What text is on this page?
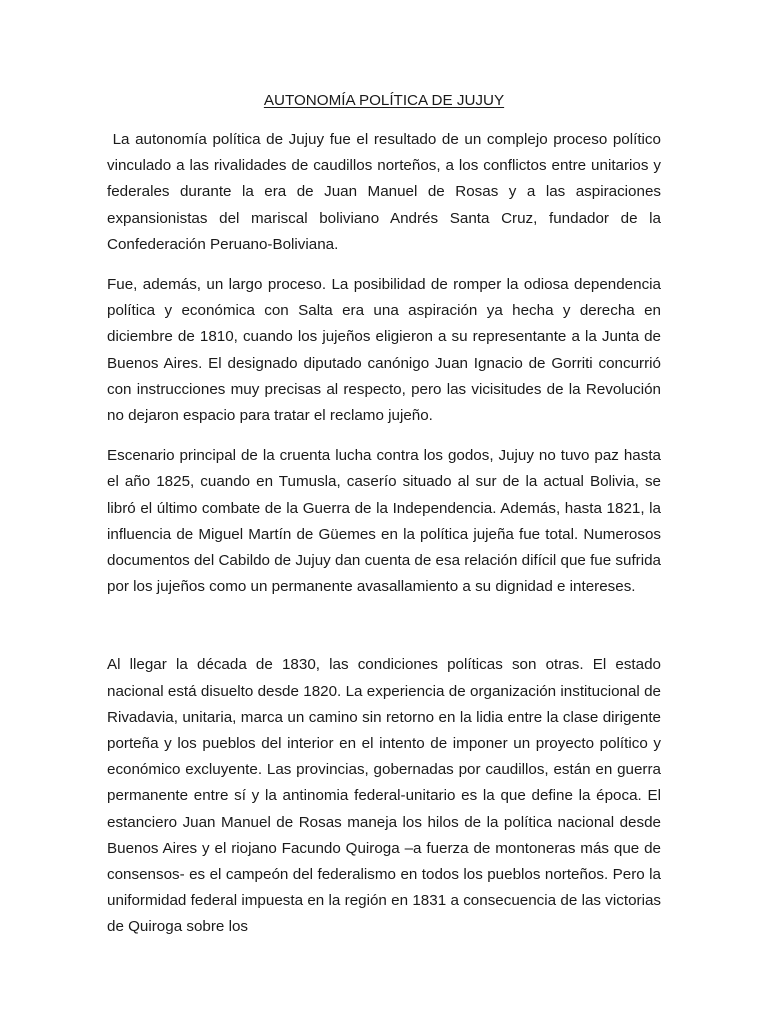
AUTONOMÍA POLÍTICA DE JUJUY

La autonomía política de Jujuy fue el resultado de un complejo proceso político vinculado a las rivalidades de caudillos norteños, a los conflictos entre unitarios y federales durante la era de Juan Manuel de Rosas y a las aspiraciones expansionistas del mariscal boliviano Andrés Santa Cruz, fundador de la Confederación Peruano-Boliviana.

Fue, además, un largo proceso. La posibilidad de romper la odiosa dependencia política y económica con Salta era una aspiración ya hecha y derecha en diciembre de 1810, cuando los jujeños eligieron a su representante a la Junta de Buenos Aires. El designado diputado canónigo Juan Ignacio de Gorriti concurrió con instrucciones muy precisas al respecto, pero las vicisitudes de la Revolución no dejaron espacio para tratar el reclamo jujeño.

Escenario principal de la cruenta lucha contra los godos, Jujuy no tuvo paz hasta el año 1825, cuando en Tumusla, caserío situado al sur de la actual Bolivia, se libró el último combate de la Guerra de la Independencia. Además, hasta 1821, la influencia de Miguel Martín de Güemes en la política jujeña fue total. Numerosos documentos del Cabildo de Jujuy dan cuenta de esa relación difícil que fue sufrida por los jujeños como un permanente avasallamiento a su dignidad e intereses.

Al llegar la década de 1830, las condiciones políticas son otras. El estado nacional está disuelto desde 1820. La experiencia de organización institucional de Rivadavia, unitaria, marca un camino sin retorno en la lidia entre la clase dirigente porteña y los pueblos del interior en el intento de imponer un proyecto político y económico excluyente. Las provincias, gobernadas por caudillos, están en guerra permanente entre sí y la antinomia federal-unitario es la que define la época. El estanciero Juan Manuel de Rosas maneja los hilos de la política nacional desde Buenos Aires y el riojano Facundo Quiroga –a fuerza de montoneras más que de consensos- es el campeón del federalismo en todos los pueblos norteños. Pero la uniformidad federal impuesta en la región en 1831 a consecuencia de las victorias de Quiroga sobre los
